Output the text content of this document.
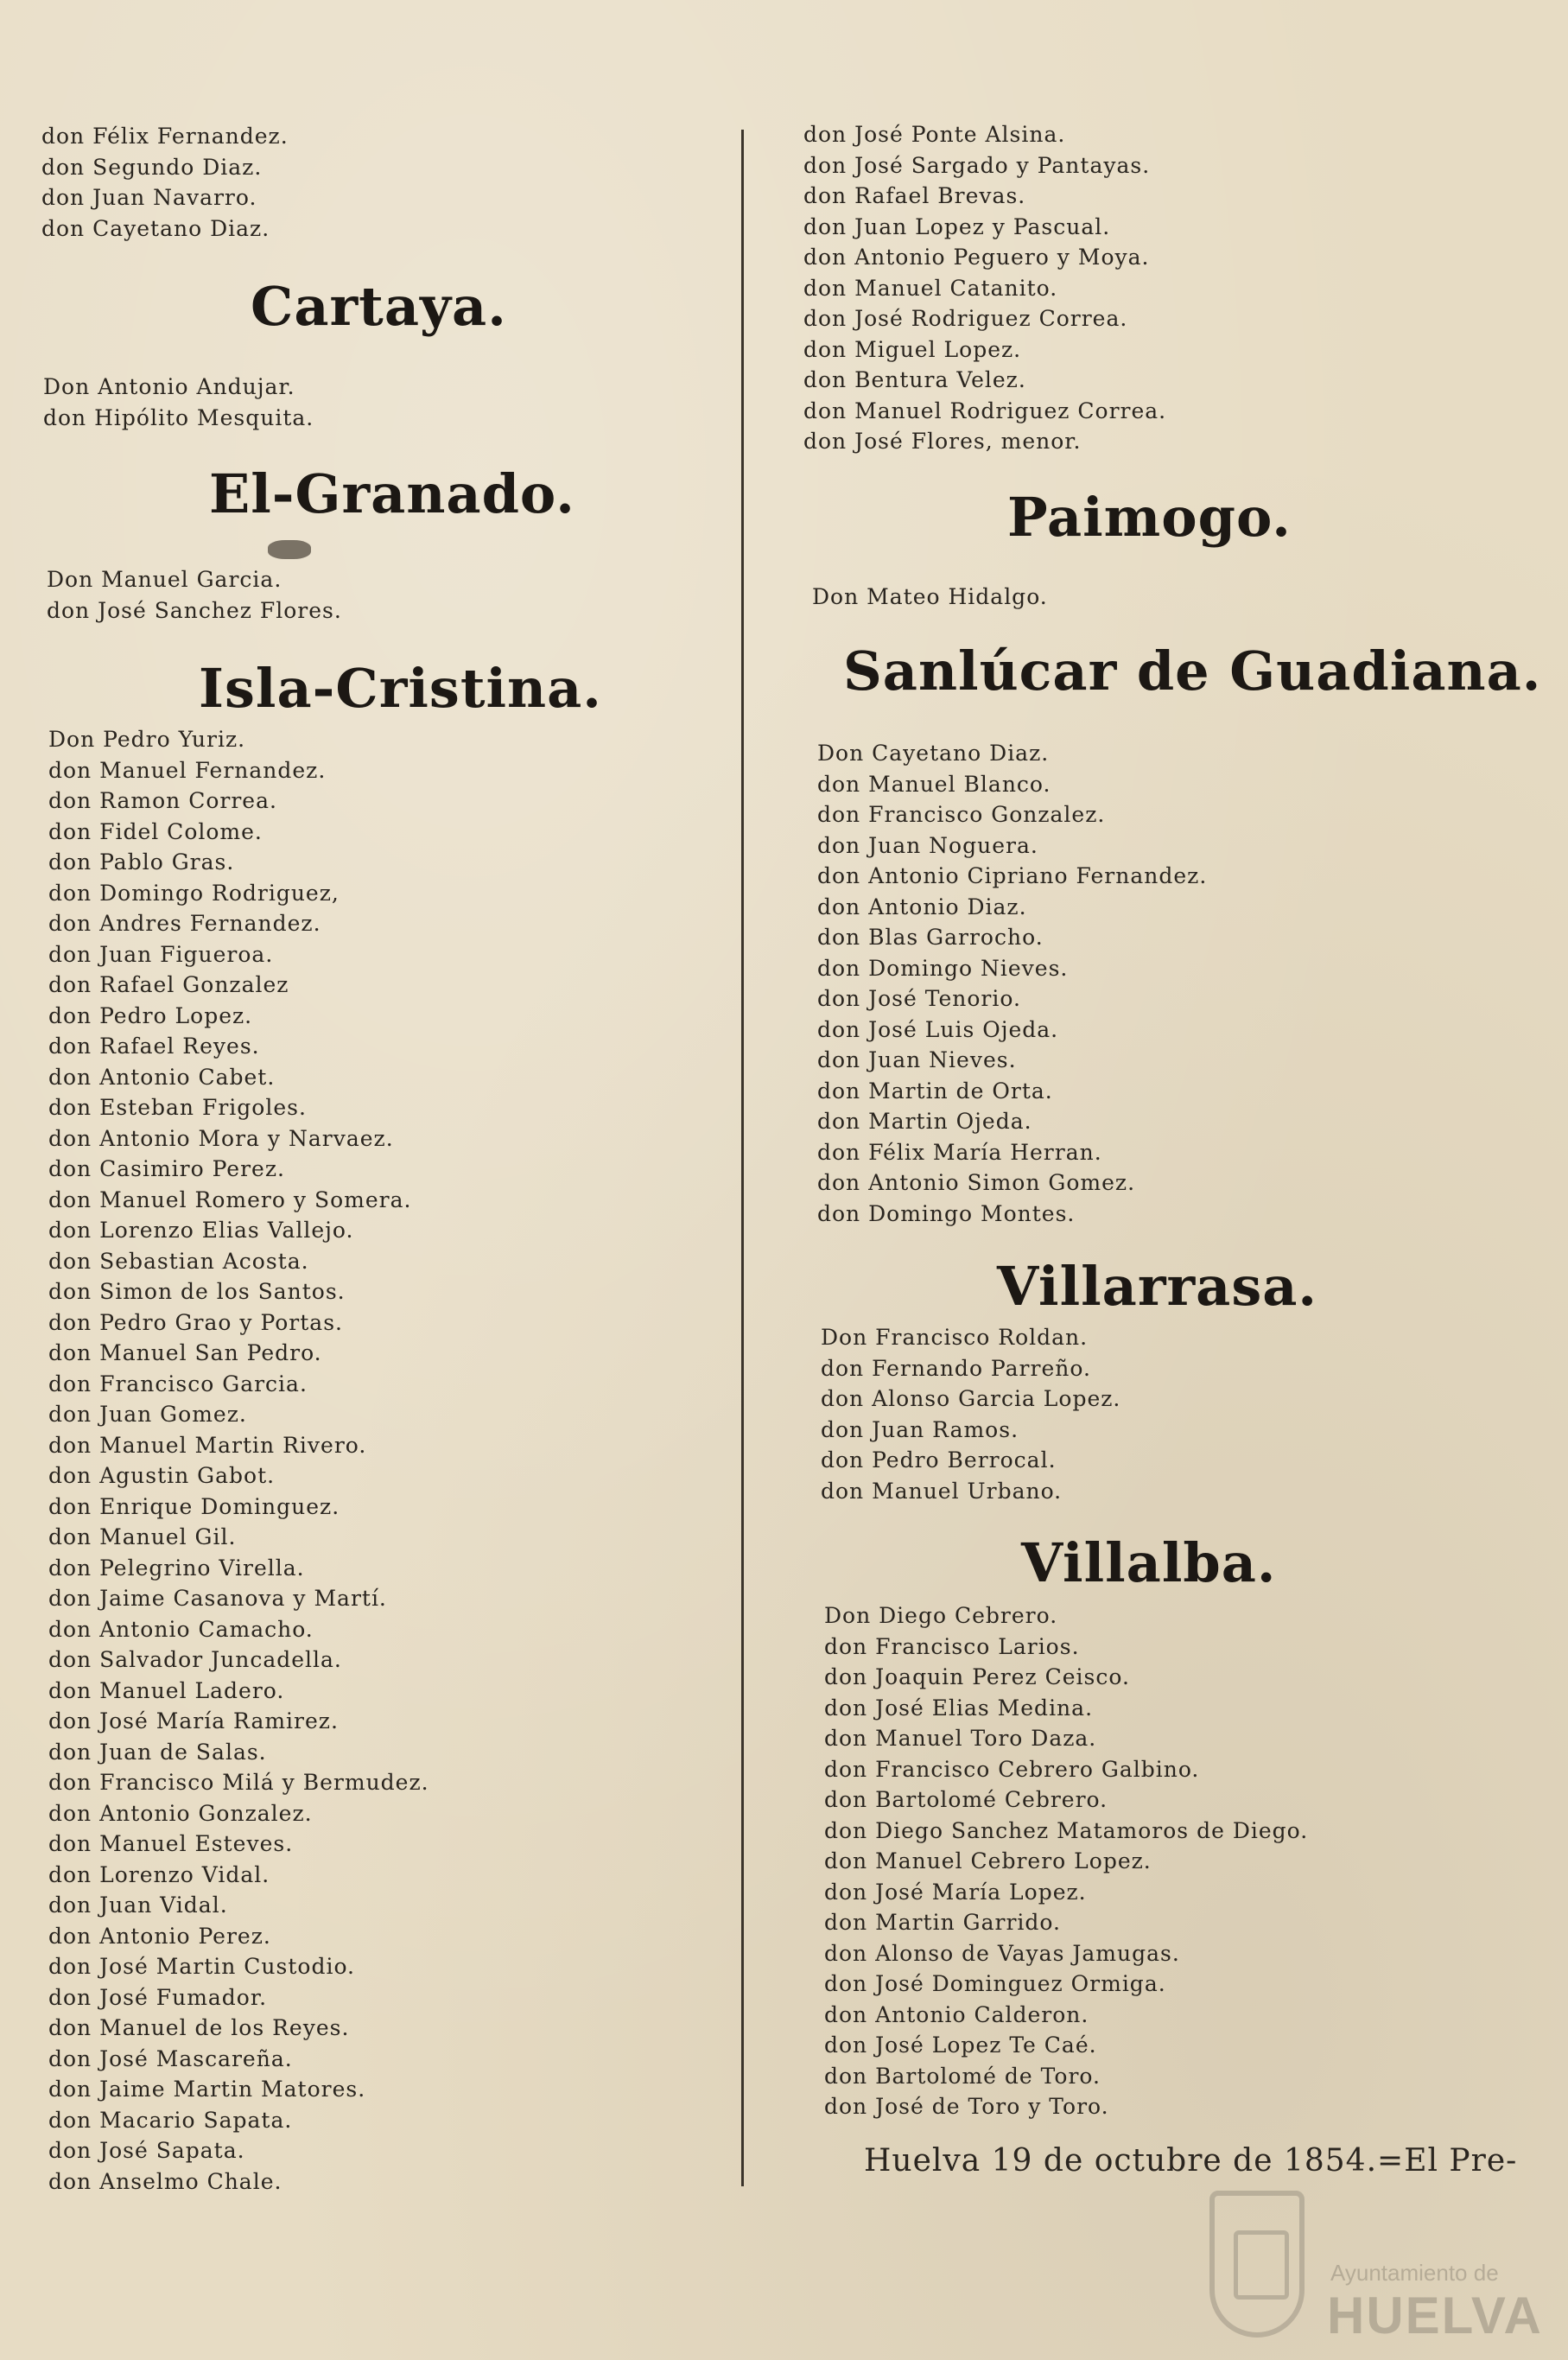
don Félix Fernandez.
don Segundo Diaz.
don Juan Navarro.
don Cayetano Diaz.
Cartaya.
Don Antonio Andujar.
don Hipólito Mesquita.
El-Granado.
Don Manuel Garcia.
don José Sanchez Flores.
Isla-Cristina.
Don Pedro Yuriz.
don Manuel Fernandez.
don Ramon Correa.
don Fidel Colome.
don Pablo Gras.
don Domingo Rodriguez,
don Andres Fernandez.
don Juan Figueroa.
don Rafael Gonzalez
don Pedro Lopez.
don Rafael Reyes.
don Antonio Cabet.
don Esteban Frigoles.
don Antonio Mora y Narvaez.
don Casimiro Perez.
don Manuel Romero y Somera.
don Lorenzo Elias Vallejo.
don Sebastian Acosta.
don Simon de los Santos.
don Pedro Grao y Portas.
don Manuel San Pedro.
don Francisco Garcia.
don Juan Gomez.
don Manuel Martin Rivero.
don Agustin Gabot.
don Enrique Dominguez.
don Manuel Gil.
don Pelegrino Virella.
don Jaime Casanova y Martí.
don Antonio Camacho.
don Salvador Juncadella.
don Manuel Ladero.
don José María Ramirez.
don Juan de Salas.
don Francisco Milá y Bermudez.
don Antonio Gonzalez.
don Manuel Esteves.
don Lorenzo Vidal.
don Juan Vidal.
don Antonio Perez.
don José Martin Custodio.
don José Fumador.
don Manuel de los Reyes.
don José Mascareña.
don Jaime Martin Matores.
don Macario Sapata.
don José Sapata.
don Anselmo Chale.
don José Ponte Alsina.
don José Sargado y Pantayas.
don Rafael Brevas.
don Juan Lopez y Pascual.
don Antonio Peguero y Moya.
don Manuel Catanito.
don José Rodriguez Correa.
don Miguel Lopez.
don Bentura Velez.
don Manuel Rodriguez Correa.
don José Flores, menor.
Paimogo.
Don Mateo Hidalgo.
Sanlúcar de Guadiana.
Don Cayetano Diaz.
don Manuel Blanco.
don Francisco Gonzalez.
don Juan Noguera.
don Antonio Cipriano Fernandez.
don Antonio Diaz.
don Blas Garrocho.
don Domingo Nieves.
don José Tenorio.
don José Luis Ojeda.
don Juan Nieves.
don Martin de Orta.
don Martin Ojeda.
don Félix María Herran.
don Antonio Simon Gomez.
don Domingo Montes.
Villarrasa.
Don Francisco Roldan.
don Fernando Parreño.
don Alonso Garcia Lopez.
don Juan Ramos.
don Pedro Berrocal.
don Manuel Urbano.
Villalba.
Don Diego Cebrero.
don Francisco Larios.
don Joaquin Perez Ceisco.
don José Elias Medina.
don Manuel Toro Daza.
don Francisco Cebrero Galbino.
don Bartolomé Cebrero.
don Diego Sanchez Matamoros de Diego.
don Manuel Cebrero Lopez.
don José María Lopez.
don Martin Garrido.
don Alonso de Vayas Jamugas.
don José Dominguez Ormiga.
don Antonio Calderon.
don José Lopez Te Caé.
don Bartolomé de Toro.
don José de Toro y Toro.
Huelva 19 de octubre de 1854.=El Pre-
Ayuntamiento de
HUELVA
